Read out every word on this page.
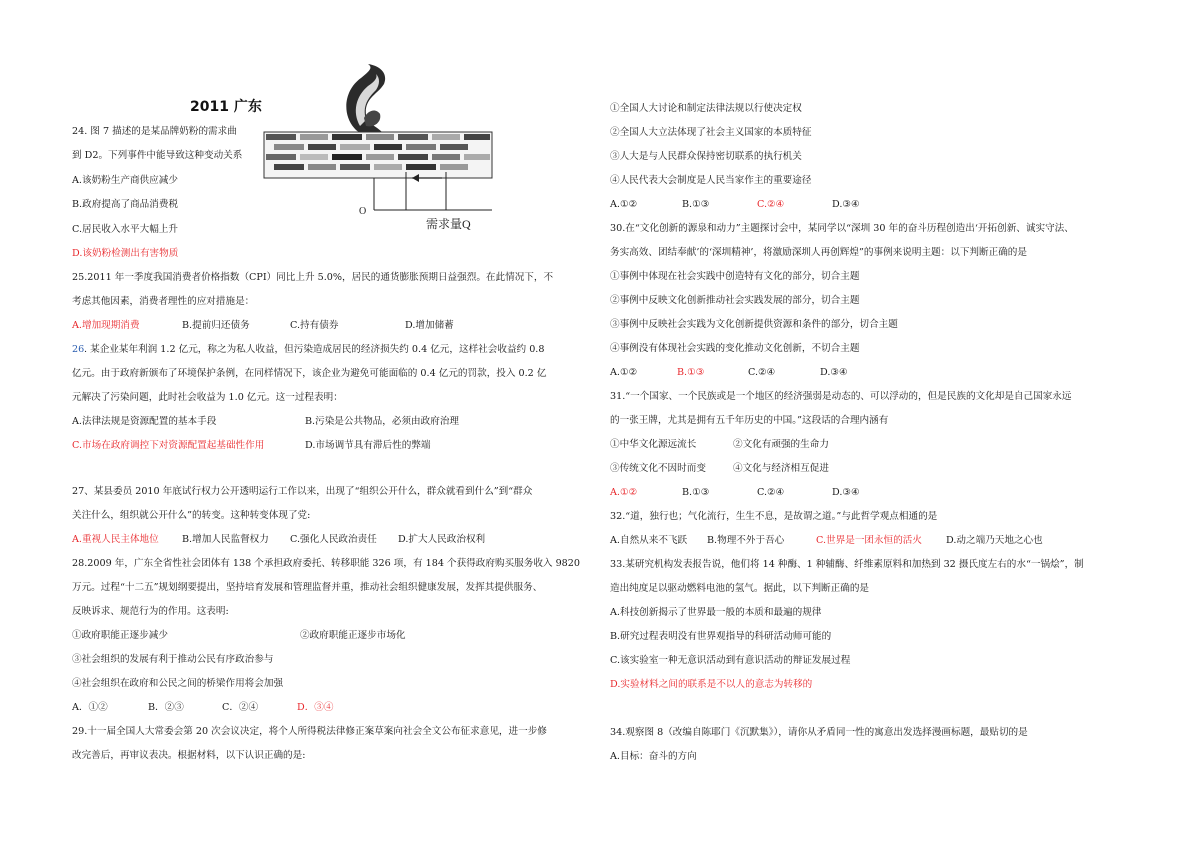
2011 广东
O
需求量Q
24. 图 7 描述的是某品牌奶粉的需求曲
到 D2。下列事件中能导致这种变动关系
A.该奶粉生产商供应减少
B.政府提高了商品消费税
C.居民收入水平大幅上升
D.该奶粉检测出有害物质
25.2011 年一季度我国消费者价格指数（CPI）同比上升 5.0%，居民的通货膨胀预期日益强烈。在此情况下，不
考虑其他因素，消费者理性的应对措施是：
A.增加现期消费	B.提前归还债务	C.持有债券	D.增加储蓄
26 . 某企业某年利润 1.2 亿元，称之为私人收益，但污染造成居民的经济损失约 0.4 亿元，这样社会收益约 0.8
亿元。由于政府新颁布了环境保护条例，在同样情况下，该企业为避免可能面临的 0.4 亿元的罚款，投入 0.2 亿
元解决了污染问题，此时社会收益为 1.0 亿元。这一过程表明：
A.法律法规是资源配置的基本手段	B.污染是公共物品，必须由政府治理
C.市场在政府调控下对资源配置起基础性作用	D.市场调节具有滞后性的弊端
27、某县委员 2010 年底试行权力公开透明运行工作以来，出现了“组织公开什么，群众就看到什么”到“群众
关注什么，组织就公开什么”的转变。这种转变体现了党:
A.重视人民主体地位 B.增加人民监督权力 C.强化人民政治责任 D.扩大人民政治权利
28.2009 年，广东全省性社会团体有 138 个承担政府委托、转移职能 326 项，有 184 个获得政府购买服务收入 9820
万元。过程“十二五”规划纲要提出，坚持培育发展和管理监督并重，推动社会组织健康发展，发挥其提供服务、
反映诉求、规范行为的作用。这表明:
①政府职能正逐步减少	②政府职能正逐步市场化
③社会组织的发展有利于推动公民有序政治参与
④社会组织在政府和公民之间的桥梁作用将会加强
A．①②	B．②③	C．②④	D．③④
29.十一届全国人大常委会第 20 次会议决定，将个人所得税法律修正案草案向社会全文公布征求意见，进一步修
改完善后，再审议表决。根据材料，以下认识正确的是:
①全国人大讨论和制定法律法规以行使决定权
②全国人大立法体现了社会主义国家的本质特征
③人大是与人民群众保持密切联系的执行机关
④人民代表大会制度是人民当家作主的重要途径
A.①②	B.①③	C.②④	D.③④
30.在“文化创新的源泉和动力”主题探讨会中，某同学以“深圳 30 年的奋斗历程创造出‘开拓创新、诚实守法、
务实高效、团结奉献’的‘深圳精神’，将激励深圳人再创辉煌”的事例来说明主题：以下判断正确的是
①事例中体现在社会实践中创造特有文化的部分，切合主题
②事例中反映文化创新推动社会实践发展的部分，切合主题
③事例中反映社会实践为文化创新提供资源和条件的部分，切合主题
④事例没有体现社会实践的变化推动文化创新，不切合主题
A.①②	B.①③	C.②④	D.③④
31.“一个国家、一个民族或是一个地区的经济强弱是动态的、可以浮动的，但是民族的文化却是自己国家永远
的一张王牌，尤其是拥有五千年历史的中国。”这段话的合理内涵有
①中华文化源远流长	②文化有顽强的生命力
③传统文化不因时而变	④文化与经济相互促进
A.①②	B.①③	C.②④	D.③④
32.“道，独行也；气化流行，生生不息，是故谓之道。”与此哲学观点相通的是
A.自然从来不飞跃 B.物理不外于吾心	C.世界是一团永恒的活火	D.动之端乃天地之心也
33.某研究机构发表报告说，他们将 14 种酶、1 种辅酶、纤维素原料和加热到 32 摄氏度左右的水“一锅烩”，制
造出纯度足以驱动燃料电池的氢气。据此，以下判断正确的是
A.科技创新揭示了世界最一般的本质和最遍的规律
B.研究过程表明没有世界观指导的科研活动师可能的
C.该实验室一种无意识活动到有意识活动的辩证发展过程
D.实验材料之间的联系是不以人的意志为转移的
34.观察图 8（改编自陈耶门《沉默集》），请你从矛盾同一性的寓意出发选择漫画标题，最贴切的是
A.目标：奋斗的方向
